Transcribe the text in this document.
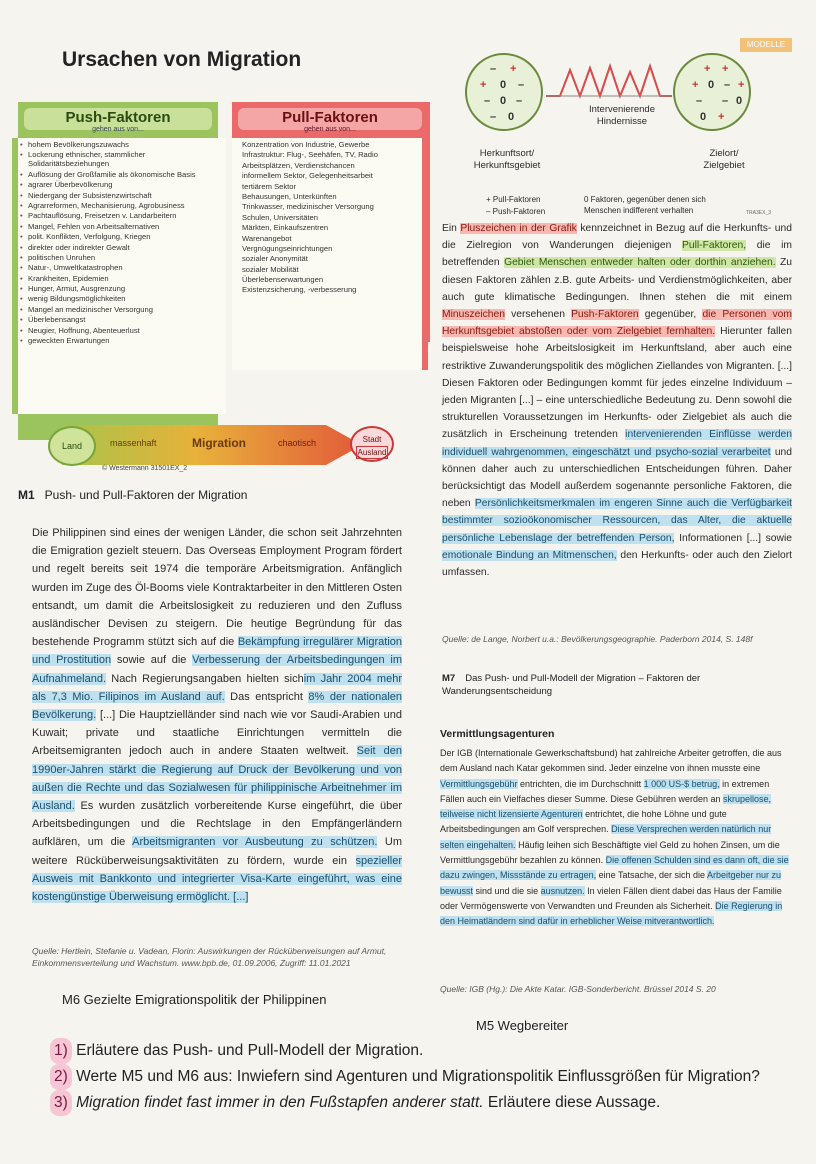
Ursachen von Migration
MODELLE
Push-Faktoren
gehen aus von...
Pull-Faktoren
gehen aus von...
• hohem Bevölkerungszuwachs
• Lockerung ethnischer, stammlicher Solidaritätsbeziehungen
• Auflösung der Großfamilie als ökonomische Basis
• agrarer Überbevölkerung
• Niedergang der Subsistenzwirtschaft
• Agrarreformen, Mechanisierung, Agrobusiness
• Pachtauflösung, Freisetzen v. Landarbeitern
• Mangel, Fehlen von Arbeitsalternativen
• polit. Konflikten, Verfolgung, Kriegen
• direkter oder indirekter Gewalt
• politischen Unruhen
• Natur-, Umweltkatastrophen
• Krankheiten, Epidemien
• Hunger, Armut, Ausgrenzung
• wenig Bildungsmöglichkeiten
• Mangel an medizinischer Versorgung
• Überlebensangst
• Neugier, Hoffnung, Abenteuerlust
• geweckten Erwartungen
Konzentration von Industrie, Gewerbe
Infrastruktur: Flug-, Seehäfen, TV, Radio
Arbeitsplätzen, Verdienstchancen
informellem Sektor, Gelegenheitsarbeit
tertiärem Sektor
Behausungen, Unterkünften
Trinkwasser, medizinischer Versorgung
Schulen, Universitäten
Märkten, Einkaufszentren
Warenangebot
Vergnügungseinrichtungen
sozialer Anonymität
sozialer Mobilität
Überlebenserwartungen
Existenzsicherung, -verbesserung
massenhaft	Migration	chaotisch
Land
Stadt
Ausland
© Westermann 31501EX_2
M1 Push- und Pull-Faktoren der Migration
Die Philippinen sind eines der wenigen Länder, die schon seit Jahrzehnten die Emigration gezielt steuern. Das Overseas Employment Program fördert und regelt bereits seit 1974 die temporäre Arbeitsmigration. Anfänglich wurden im Zuge des Öl-Booms viele Kontraktarbeiter in den Mittleren Osten entsandt, um damit die Arbeitslosigkeit zu reduzieren und den Zufluss ausländischer Devisen zu steigern. Die heutige Begründung für das bestehende Programm stützt sich auf die Bekämpfung irregulärer Migration und Prostitution sowie auf die Verbesserung der Arbeitsbedingungen im Aufnahmeland. Nach Regierungsangaben hielten sichim Jahr 2004 mehr als 7,3 Mio. Filipinos im Ausland auf. Das entspricht 8% der nationalen Bevölkerung. [...] Die Hauptzielländer sind nach wie vor Saudi-Arabien und Kuwait; private und staatliche Einrichtungen vermitteln die Arbeitsemigranten jedoch auch in andere Staaten weltweit. Seit den 1990er-Jahren stärkt die Regierung auf Druck der Bevölkerung und von außen die Rechte und das Sozialwesen für philippinische Arbeitnehmer im Ausland. Es wurden zusätzlich vorbereitende Kurse eingeführt, die über Arbeitsbedingungen und die Rechtslage in den Empfängerländern aufklären, um die Arbeitsmigranten vor Ausbeutung zu schützen. Um weitere Rücküberweisungsaktivitäten zu fördern, wurde ein spezieller Ausweis mit Bankkonto und integrierter Visa-Karte eingeführt, was eine kostengünstige Überweisung ermöglicht. [...]
Quelle: Hertlein, Stefanie u. Vadean, Florin: Auswirkungen der Rücküberweisungen auf Armut, Einkommensverteilung und Wachstum. www.bpb.de, 01.09.2006, Zugriff: 11.01.2021
M6 Gezielte Emigrationspolitik der Philippinen
– +
+ 0 –
– 0 –
– 0
+ +
+ 0 – +
– – 0
0 +
Intervenierende Hindernisse
Herkunftsort/ Herkunftsgebiet
Zielort/ Zielgebiet
+ Pull-Faktoren
– Push-Faktoren
0 Faktoren, gegenüber denen sich Menschen indifferent verhalten	TRA3EX_3
Ein Pluszeichen in der Grafik kennzeichnet in Bezug auf die Herkunfts- und die Zielregion von Wanderungen diejenigen Pull-Faktoren, die im betreffenden Gebiet Menschen entweder halten oder dorthin anziehen. Zu diesen Faktoren zählen z.B. gute Arbeits- und Verdienstmöglichkeiten, aber auch gute klimatische Bedingungen. Ihnen stehen die mit einem Minuszeichen versehenen Push-Faktoren gegenüber, die Personen vom Herkunftsgebiet abstoßen oder vom Zielgebiet fernhalten. Hierunter fallen beispielsweise hohe Arbeitslosigkeit im Herkunftsland, aber auch eine restriktive Zuwanderungspolitik des möglichen Ziellandes von Migranten. [...] Diesen Faktoren oder Bedingungen kommt für jedes einzelne Individuum – jeden Migranten [...] – eine unterschiedliche Bedeutung zu. Denn sowohl die strukturellen Voraussetzungen im Herkunfts- oder Zielgebiet als auch die zusätzlich in Erscheinung tretenden intervenierenden Einflüsse werden individuell wahrgenommen, eingeschätzt und psycho-sozial verarbeitet und können daher auch zu unterschiedlichen Entscheidungen führen. Daher berücksichtigt das Modell außerdem sogenannte personliche Faktoren, die neben Persönlichkeitsmerkmalen im engeren Sinne auch die Verfügbarkeit bestimmter sozioökonomischer Ressourcen, das Alter, die aktuelle persönliche Lebenslage der betreffenden Person, Informationen [...] sowie emotionale Bindung an Mitmenschen, den Herkunfts- oder auch den Zielort umfassen.
Quelle: de Lange, Norbert u.a.: Bevölkerungsgeographie. Paderborn 2014, S. 148f
M7 Das Push- und Pull-Modell der Migration – Faktoren der Wanderungsentscheidung
Vermittlungsagenturen
Der IGB (Internationale Gewerkschaftsbund) hat zahlreiche Arbeiter getroffen, die aus dem Ausland nach Katar gekommen sind. Jeder einzelne von ihnen musste eine Vermittlungsgebühr entrichten, die im Durchschnitt 1 000 US-$ betrug, in extremen Fällen auch ein Vielfaches dieser Summe. Diese Gebühren werden an skrupellose, teilweise nicht lizensierte Agenturen entrichtet, die hohe Löhne und gute Arbeitsbedingungen am Golf versprechen. Diese Versprechen werden natürlich nur selten eingehalten. Häufig leihen sich Beschäftigte viel Geld zu hohen Zinsen, um die Vermittlungsgebühr bezahlen zu können. Die offenen Schulden sind es dann oft, die sie dazu zwingen, Missstände zu ertragen, eine Tatsache, der sich die Arbeitgeber nur zu bewusst sind und die sie ausnutzen. In vielen Fällen dient dabei das Haus der Familie oder Vermögenswerte von Verwandten und Freunden als Sicherheit. Die Regierung in den Heimatländern sind dafür in erheblicher Weise mitverantwortlich.
Quelle: IGB (Hg.): Die Akte Katar. IGB-Sonderbericht. Brüssel 2014 S. 20
M5 Wegbereiter
1) Erläutere das Push- und Pull-Modell der Migration.
2) Werte M5 und M6 aus: Inwiefern sind Agenturen und Migrationspolitik Einflussgrößen für Migration?
3) Migration findet fast immer in den Fußstapfen anderer statt. Erläutere diese Aussage.
